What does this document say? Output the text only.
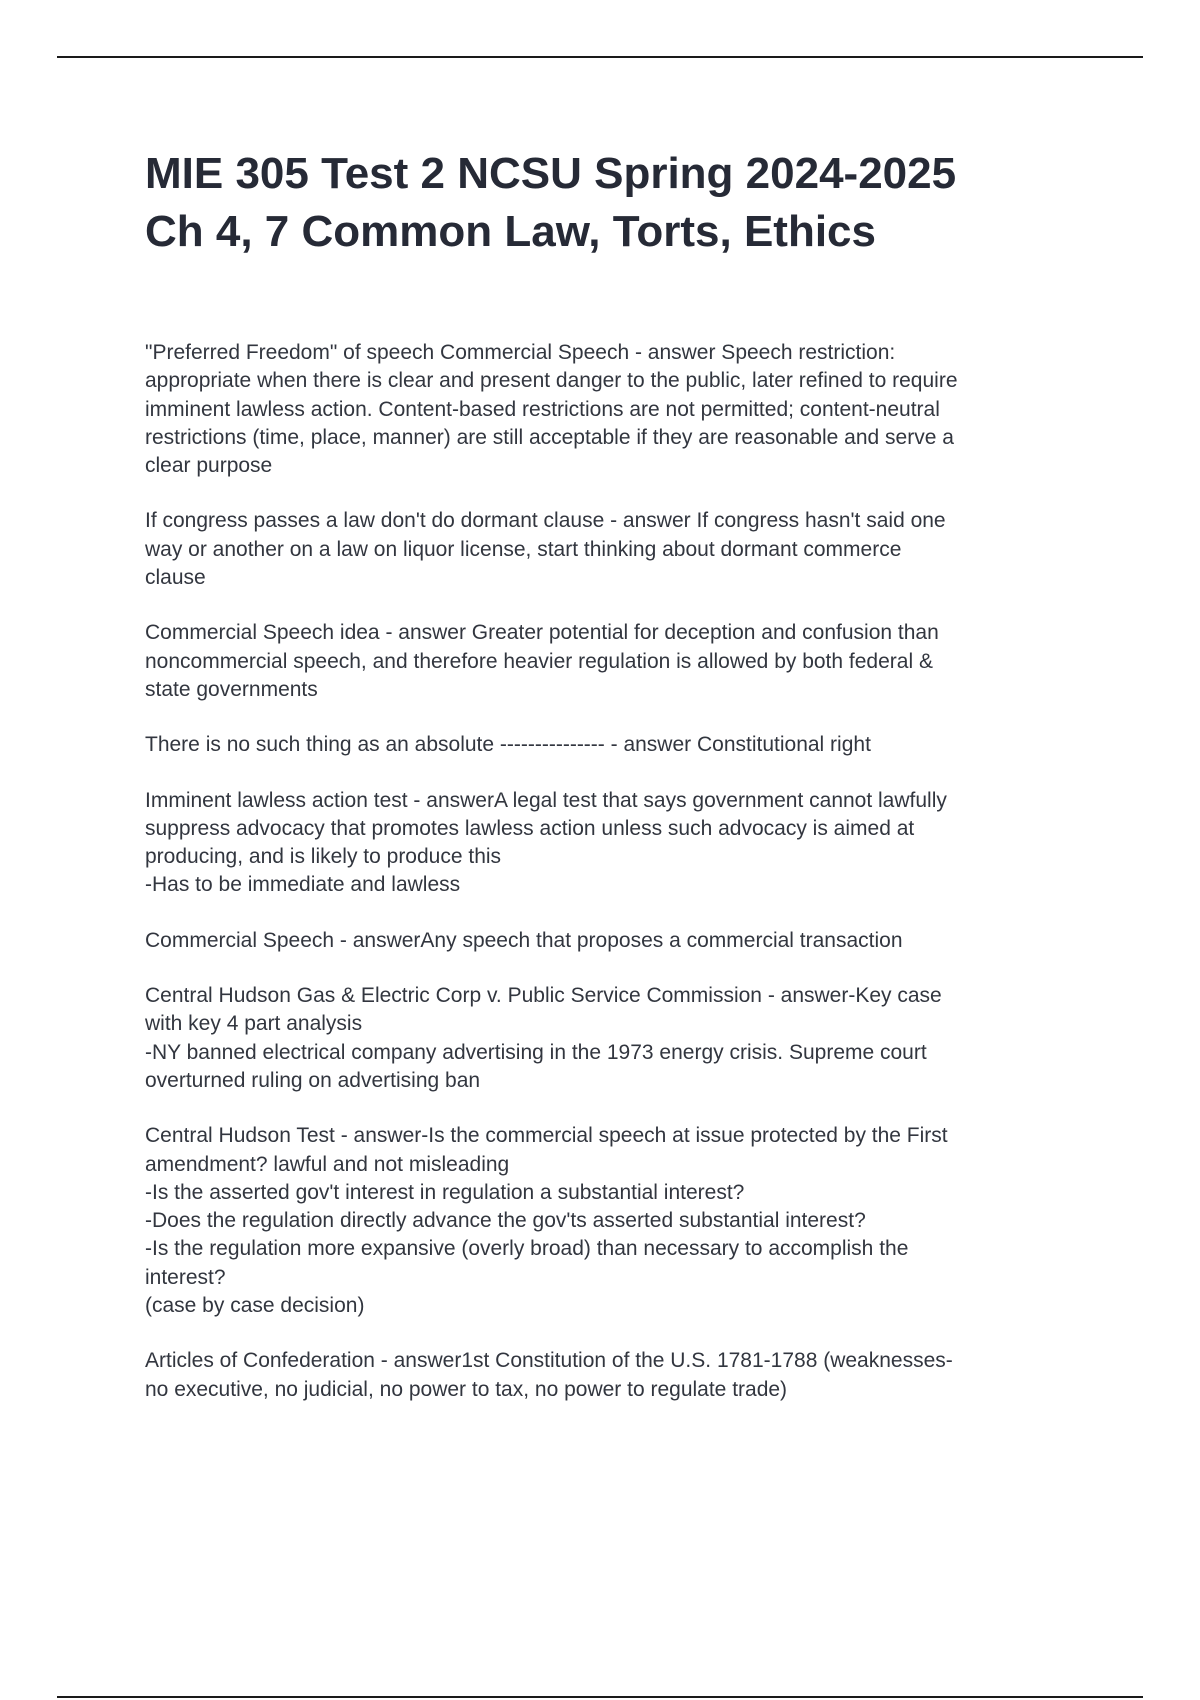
MIE 305 Test 2 NCSU Spring 2024-2025
Ch 4, 7 Common Law, Torts, Ethics

"Preferred Freedom" of speech Commercial Speech - answer Speech restriction:
appropriate when there is clear and present danger to the public, later refined to require
imminent lawless action. Content-based restrictions are not permitted; content-neutral
restrictions (time, place, manner) are still acceptable if they are reasonable and serve a
clear purpose

If congress passes a law don't do dormant clause - answer If congress hasn't said one
way or another on a law on liquor license, start thinking about dormant commerce
clause

Commercial Speech idea - answer Greater potential for deception and confusion than
noncommercial speech, and therefore heavier regulation is allowed by both federal &
state governments

There is no such thing as an absolute --------------- - answer Constitutional right

Imminent lawless action test - answerA legal test that says government cannot lawfully
suppress advocacy that promotes lawless action unless such advocacy is aimed at
producing, and is likely to produce this
-Has to be immediate and lawless

Commercial Speech - answerAny speech that proposes a commercial transaction

Central Hudson Gas & Electric Corp v. Public Service Commission - answer-Key case
with key 4 part analysis
-NY banned electrical company advertising in the 1973 energy crisis. Supreme court
overturned ruling on advertising ban

Central Hudson Test - answer-Is the commercial speech at issue protected by the First
amendment? lawful and not misleading
-Is the asserted gov't interest in regulation a substantial interest?
-Does the regulation directly advance the gov'ts asserted substantial interest?
-Is the regulation more expansive (overly broad) than necessary to accomplish the
interest?
(case by case decision)

Articles of Confederation - answer1st Constitution of the U.S. 1781-1788 (weaknesses-
no executive, no judicial, no power to tax, no power to regulate trade)
